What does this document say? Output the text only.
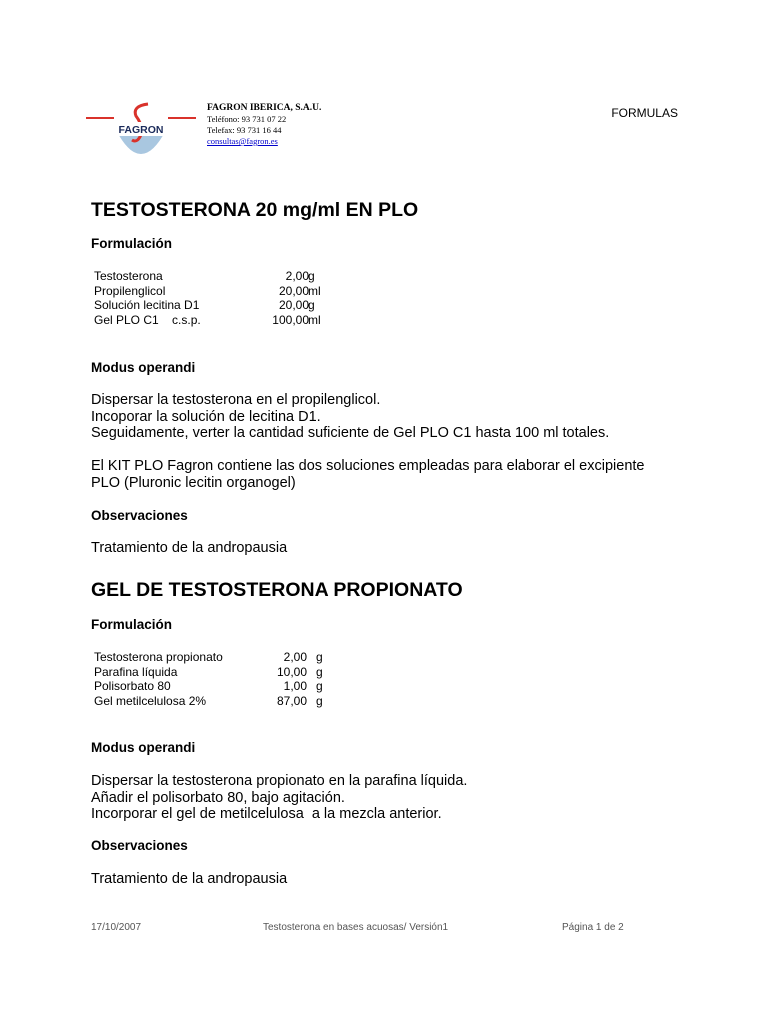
FAGRON
FAGRON IBERICA, S.A.U.
Teléfono: 93 731 07 22
Telefax: 93 731 16 44
consultas@fagron.es
FORMULAS
TESTOSTERONA 20 mg/ml EN PLO
Formulación
Testosterona	2,00 g
Propilenglicol	20,00 ml
Solución lecitina D1	20,00 g
Gel PLO C1    c.s.p.	100,00 ml
Modus operandi
Dispersar la testosterona en el propilenglicol.
Incoporar la solución de lecitina D1.
Seguidamente, verter la cantidad suficiente de Gel PLO C1 hasta 100 ml totales.
El KIT PLO Fagron contiene las dos soluciones empleadas para elaborar el excipiente
PLO (Pluronic lecitin organogel)
Observaciones
Tratamiento de la andropausia
GEL DE TESTOSTERONA PROPIONATO
Formulación
Testosterona propionato	2,00 g
Parafina líquida	10,00 g
Polisorbato 80	1,00 g
Gel metilcelulosa 2%	87,00 g
Modus operandi
Dispersar la testosterona propionato en la parafina líquida.
Añadir el polisorbato 80, bajo agitación.
Incorporar el gel de metilcelulosa  a la mezcla anterior.
Observaciones
Tratamiento de la andropausia
17/10/2007	Testosterona en bases acuosas/ Versión1	Página 1 de 2
